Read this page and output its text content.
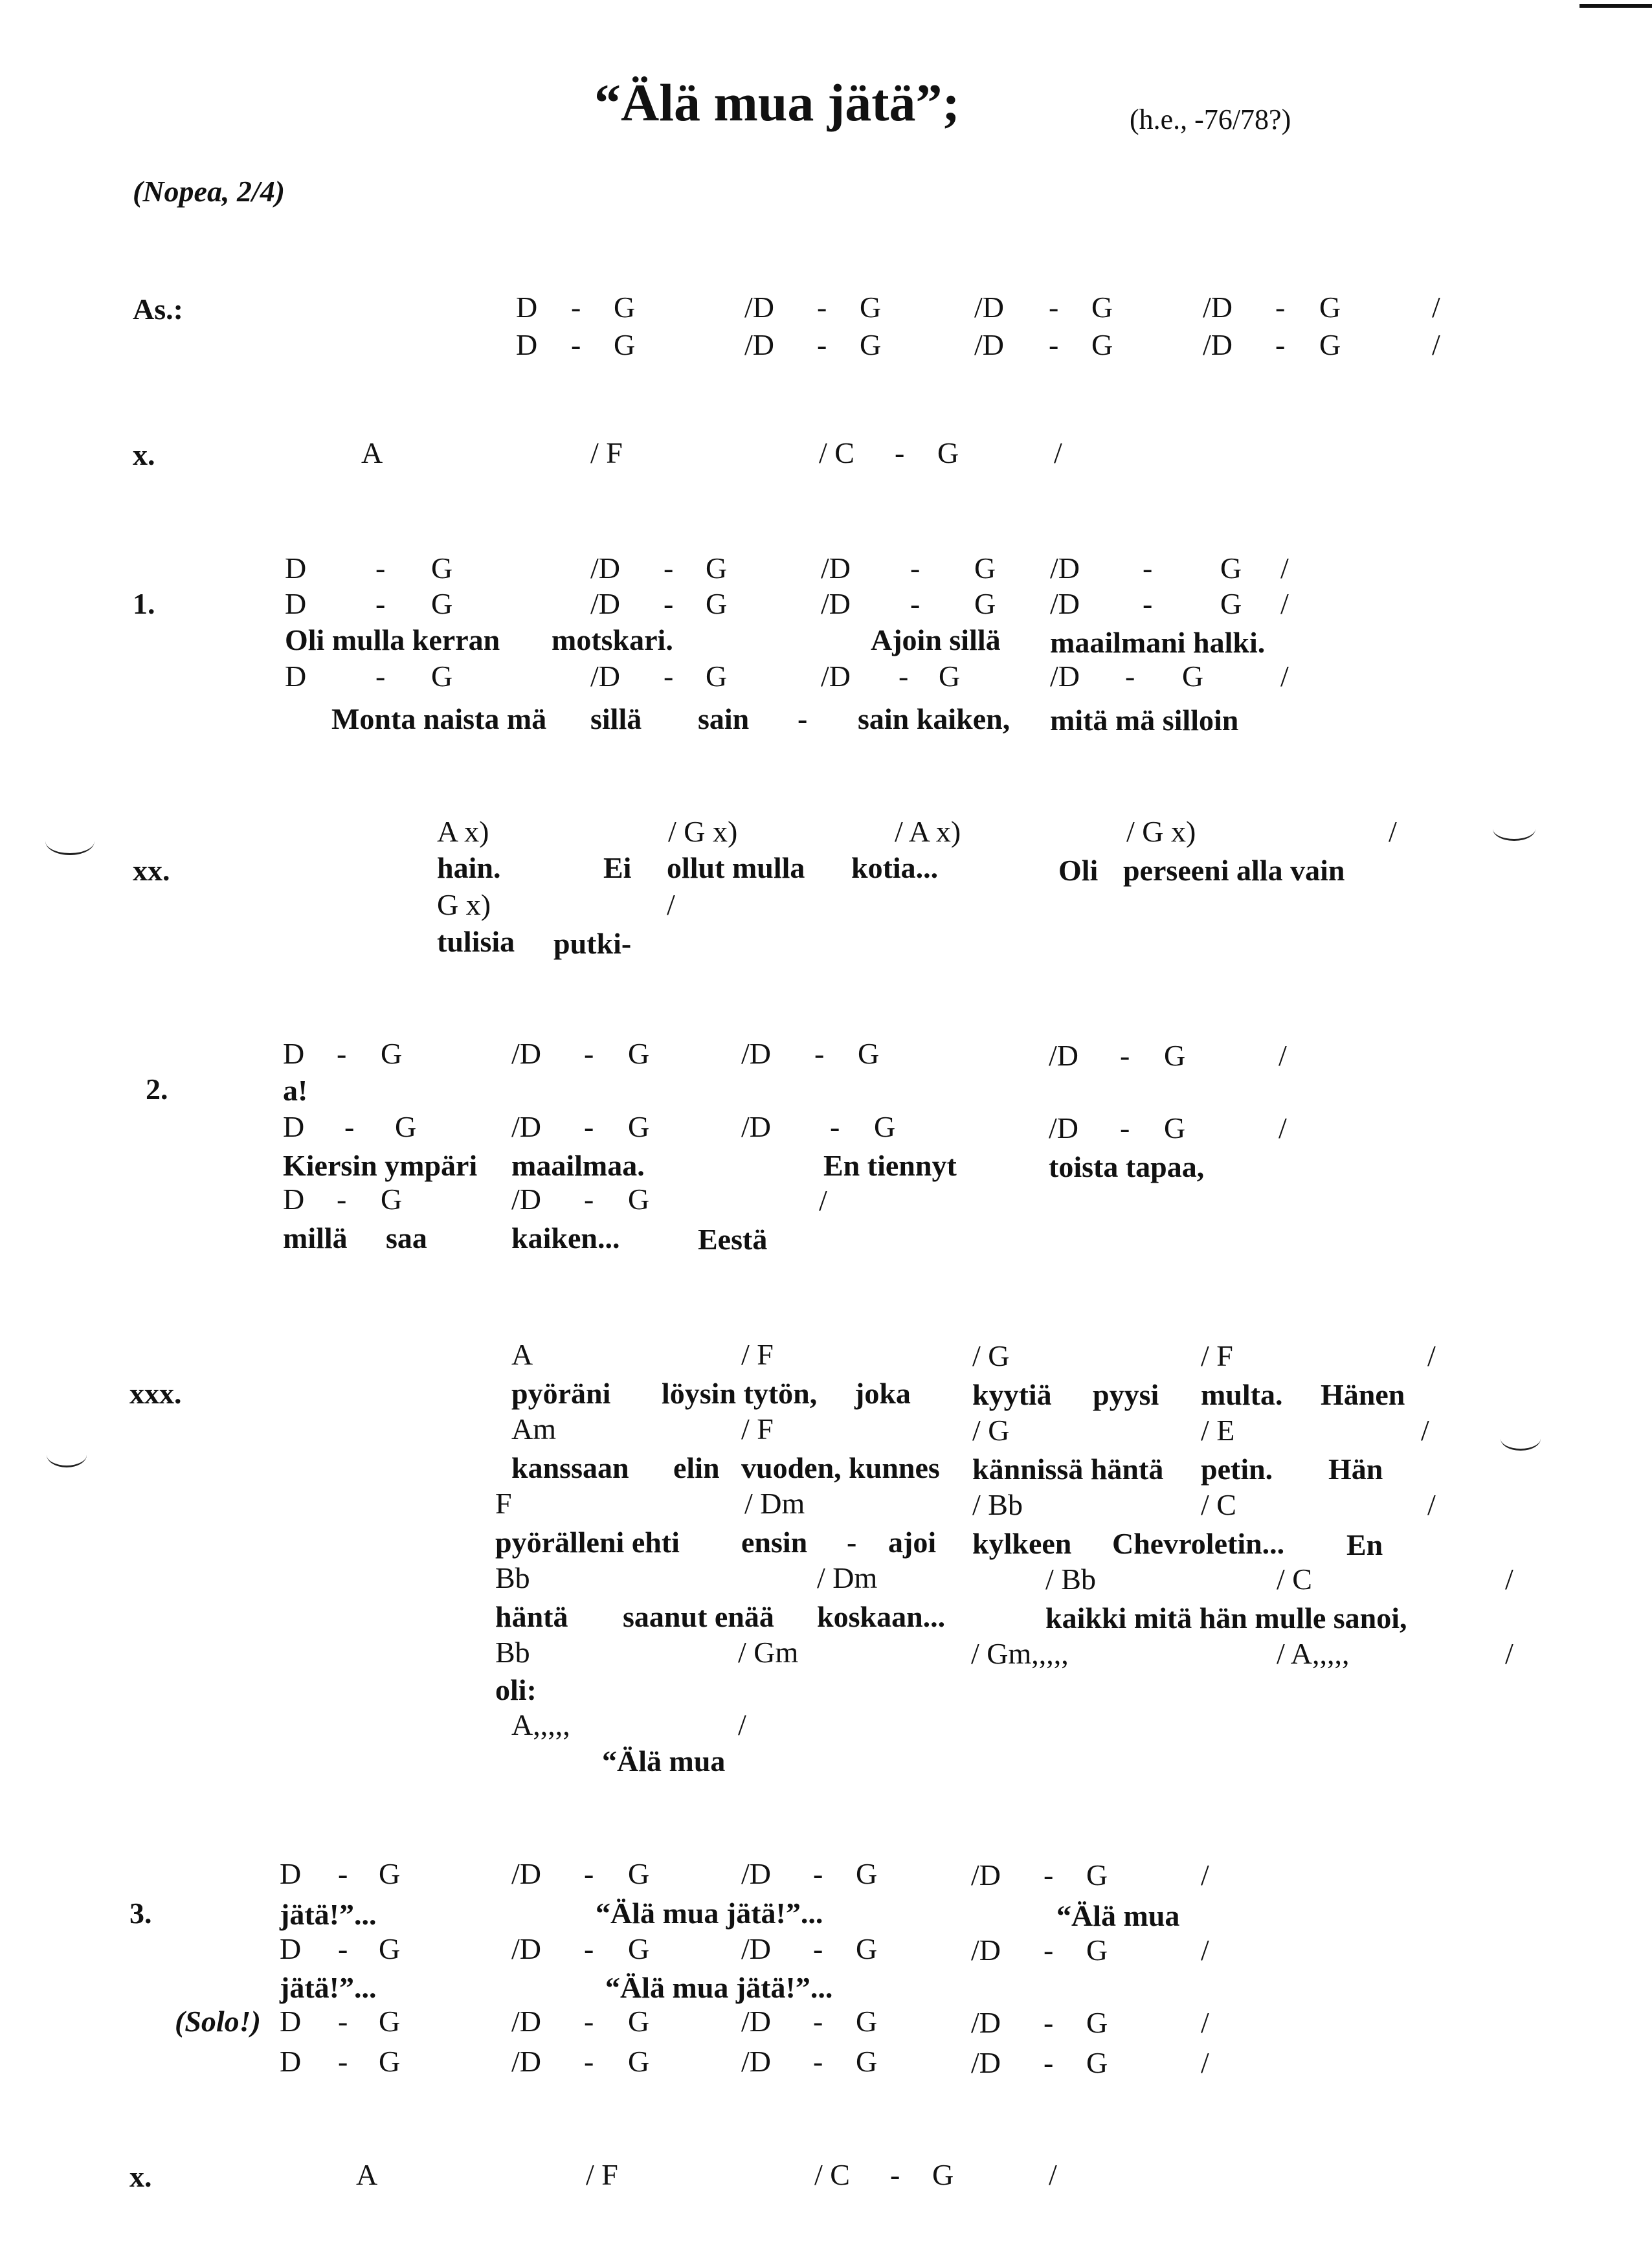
“Älä mua jätä”;	(h.e., -76/78?)
(Nopea, 2/4)
As.:	D - G	/D - G	/D - G	/D - G	/
D - G	/D - G	/D - G	/D - G	/
x.	A	/ F	/ C - G	/
1.
D - G	/D - G	/D - G /D - G /
D - G	/D - G	/D - G /D - G /
Oli mulla kerran motskari.	Ajoin sillä maailmani halki.
D - G	/D - G	/D - G	/D - G	/
Monta naista mä sillä sain - sain kaiken, mitä mä silloin
xx.
A x)	/ G x)	/ A x)	/ G x)	/
hain.	Ei ollut mulla kotia...	Oli perseeni alla vain
G x)	/
tulisia putki-
2.
D - G	/D - G	/D - G	/D - G	/
a!
D - G	/D - G	/D - G	/D - G	/
Kiersin ympäri maailmaa.	En tiennyt	toista tapaa,
D - G	/D - G	/
millä saa	kaiken...	Eestä
xxx.
A	/ F	/ G	/ F	/
pyöräni löysin tytön, joka kyytiä pyysi multa. Hänen
Am	/ F	/ G	/ E	/
kanssaan elin vuoden, kunnes kännissä häntä petin. Hän
F	/ Dm	/ Bb	/ C	/
pyörälleni ehti ensin - ajoi kylkeen Chevroletin... En
Bb	/ Dm	/ Bb	/ C	/
häntä saanut enää koskaan...	kaikki mitä hän mulle sanoi,
Bb	/ Gm	/ Gm,,,,,	/ A,,,,,	/
oli:
A,,,,,	/
“Älä mua
3.
D - G	/D - G	/D - G	/D - G	/
jätä!”...	“Älä mua jätä!”...	“Älä mua
D - G	/D - G	/D - G	/D - G	/
jätä!”...	“Älä mua jätä!”...
(Solo!) D - G	/D - G	/D - G	/D - G	/
D - G	/D - G	/D - G	/D - G	/
x.	A	/ F	/ C - G	/
